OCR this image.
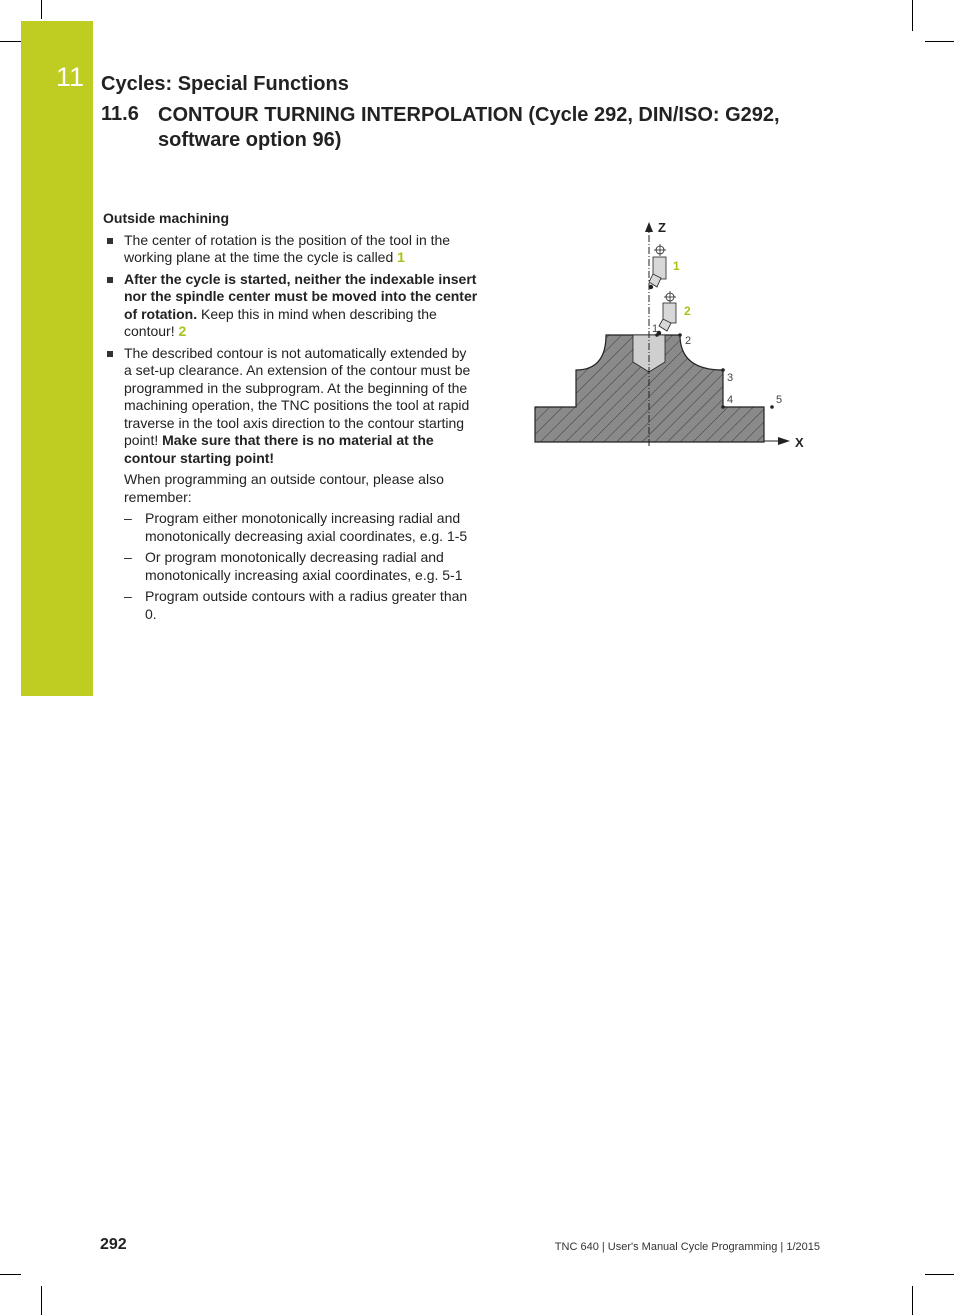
11 Cycles: Special Functions
11.6 CONTOUR TURNING INTERPOLATION (Cycle 292, DIN/ISO: G292, software option 96)
Outside machining
The center of rotation is the position of the tool in the working plane at the time the cycle is called 1
After the cycle is started, neither the indexable insert nor the spindle center must be moved into the center of rotation. Keep this in mind when describing the contour! 2
The described contour is not automatically extended by a set-up clearance. An extension of the contour must be programmed in the subprogram. At the beginning of the machining operation, the TNC positions the tool at rapid traverse in the tool axis direction to the contour starting point! Make sure that there is no material at the contour starting point!
When programming an outside contour, please also remember:
– Program either monotonically increasing radial and monotonically decreasing axial coordinates, e.g. 1-5
– Or program monotonically decreasing radial and monotonically increasing axial coordinates, e.g. 5-1
– Program outside contours with a radius greater than 0.
Z
X
1
2
1
2
3
4	5
292	TNC 640 | User's Manual Cycle Programming | 1/2015
